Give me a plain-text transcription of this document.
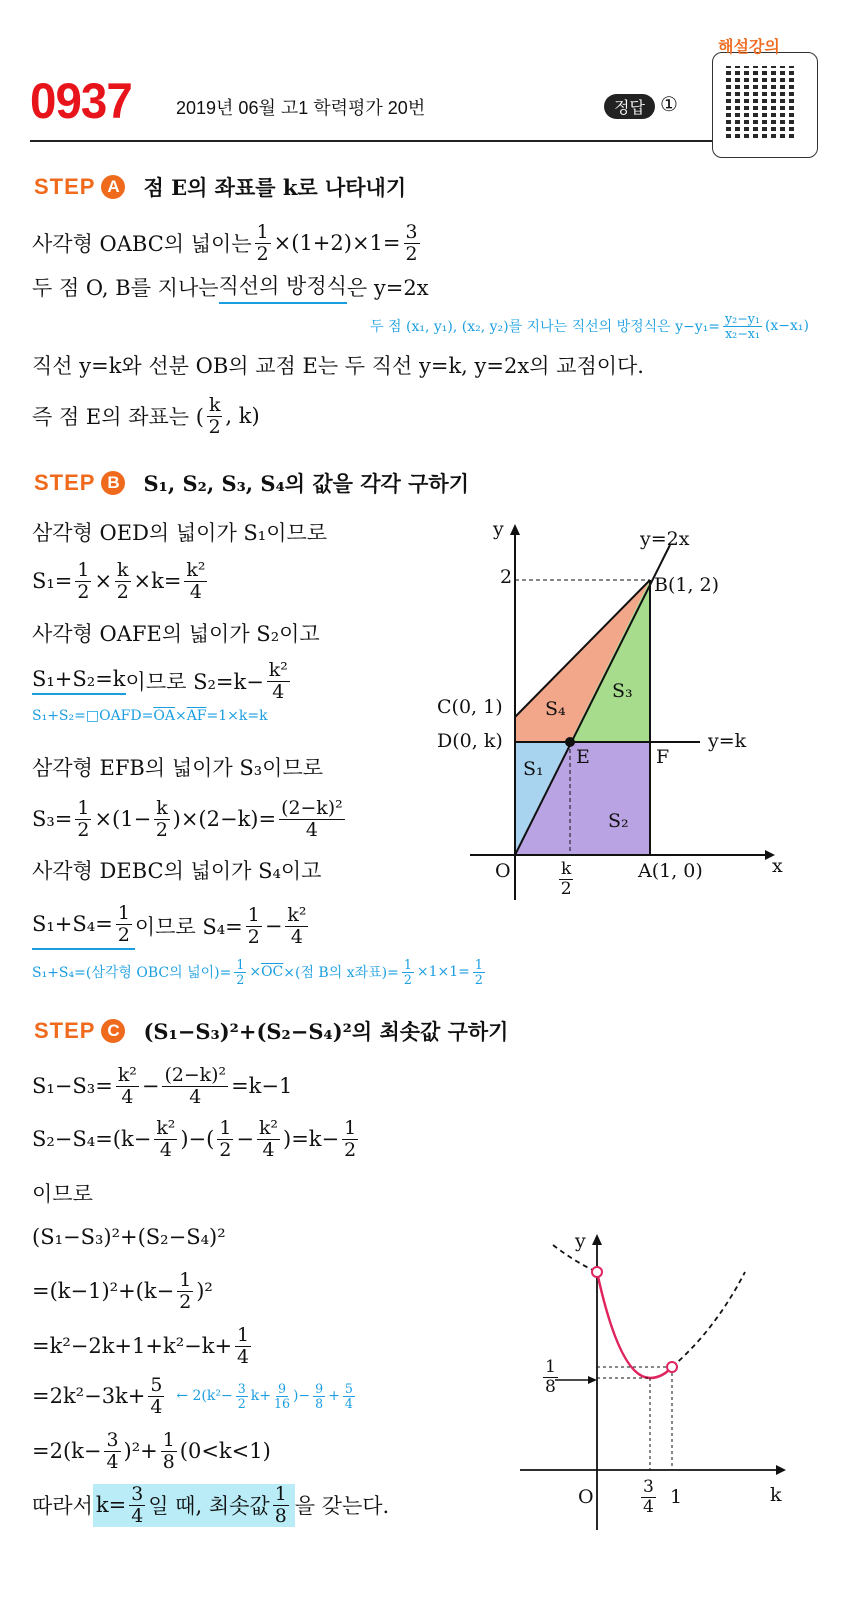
0937 2019년 06월 고1 학력평가 20번	정답 ①
해설강의
STEP A 점 E의 좌표를 k로 나타내기
STEP B S₁, S₂, S₃, S₄의 값을 각각 구하기
STEP C (S₁−S₃)²+(S₂−S₄)²의 최솟값 구하기
사각형 OABC의 넓이는 $\frac{1}{2} \times(1+2)\times 1= \frac{3}{2}$
두 점 O, B를 지나는 직선의 방정식 은 y=2x
두 점 (x₁, y₁), (x₂, y₂)를 지나는 직선의 방정식은 $y-y_1= \frac{\text{y₂−y₁}}{\text{x₂−x₁}} (x-x_1)$
직선 y=k와 선분 OB의 교점 E는 두 직선 y=k, y=2x의 교점이다.
즉 점 E의 좌표는 ( $\frac{k}{2}$ , k)
삼각형 OED의 넓이가 S₁이므로
$S_1= \frac{1}{2} \times \frac{k}{2} \times k= \frac{\text{k²}}{4}$
사각형 OAFE의 넓이가 S₂이고
S₁+S₂=k 이므로 $S_2=k- \frac{\text{k²}}{4}$
S₁+S₂=□OAFD= $\overline{OA} \times \overline{AF} =1\times k=k$
삼각형 EFB의 넓이가 S₃이므로
$S_3= \frac{1}{2} \times(1- \frac{k}{2} )\times(2-k)= \frac{\text{(2−k)²}}{4}$
사각형 DEBC의 넓이가 S₄이고
$S_1+S_4= \frac{1}{2}$ 이므로 $S_4= \frac{1}{2} - \frac{\text{k²}}{4}$
S₁+S₄=(삼각형 OBC의 넓이)= $\frac{1}{2} \times \overline{OC}$ ×(점 B의 x좌표)= $\frac{1}{2} \times 1\times 1= \frac{1}{2}$
$S_1-S_3= \frac{\text{k²}}{4} - \frac{\text{(2−k)²}}{4} =k-1$
$S_2-S_4=(k- \frac{\text{k²}}{4}$ )−( $\frac{1}{2} - \frac{\text{k²}}{4} )=k- \frac{1}{2}$
이므로
(S₁−S₃)²+(S₂−S₄)²
$=(k-1)^2+(k- \frac{1}{2} )^2$
$=k^2-2k+1+k^2-k+ \frac{1}{4}$
$=2k^2-3k+ \frac{5}{4}$ ← $2(k^2- \frac{3}{2} k+ \frac{9}{16}$ )− $\frac{9}{8} + \frac{5}{4}$
$=2(k- \frac{3}{4} )^2+ \frac{1}{8} (0<k<1)$
따라서 $k= \frac{3}{4}$ 일 때, 최솟값 $\frac{1}{8}$ 을 갖는다.
y	y=2x
2	B(1, 2)
C(0, 1) S₄
S₃
D(0, k)
E	F
y=k
S₁
S₂
O	A(1, 0)	x
$\frac{k}{2}$
y
O	1	k
$\frac{1}{8}$
$\frac{3}{4}$
